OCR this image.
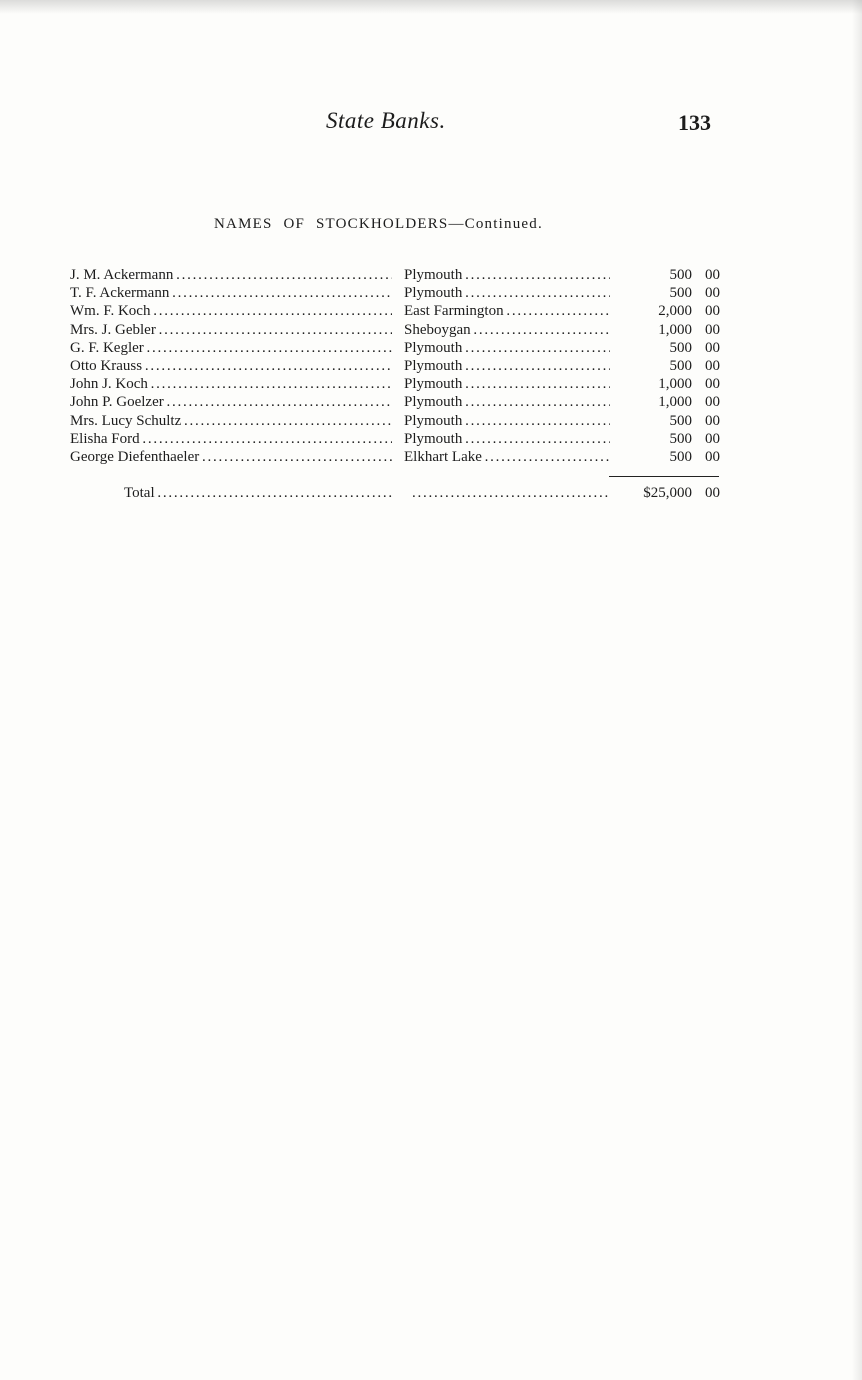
State Banks.	133
NAMES OF STOCKHOLDERS—Continued.
J. M. Ackermann . . .	Plymouth . . .	500 00
T. F. Ackermann . . .	Plymouth . . .	500 00
Wm. F. Koch . . .	East Farmington . . .	2,000 00
Mrs. J. Gebler . . .	Sheboygan . . .	1,000 00
G. F. Kegler . . .	Plymouth . . .	500 00
Otto Krauss . . .	Plymouth . . .	500 00
John J. Koch . . .	Plymouth . . .	1,000 00
John P. Goelzer . . .	Plymouth . . .	1,000 00
Mrs. Lucy Schultz . . .	Plymouth . . .	500 00
Elisha Ford . . .	Plymouth . . .	500 00
George Diefenthaeler . . .	Elkhart Lake . . .	500 00
Total . . .
. . .	$25,000 00
